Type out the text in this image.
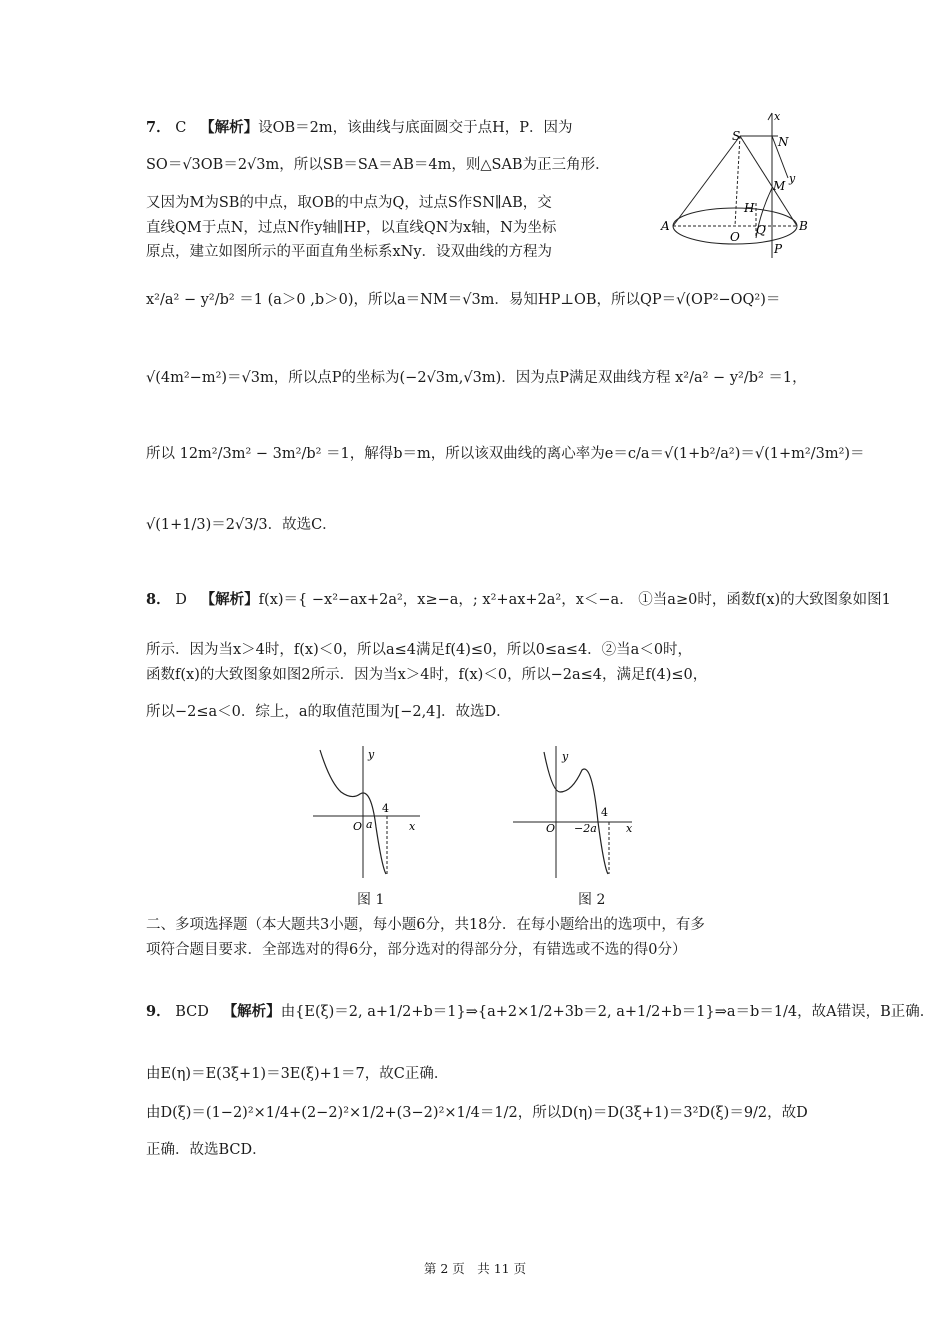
7． C 【解析】设OB＝2m，该曲线与底面圆交于点H，P．因为
SO＝√3OB＝2√3m，所以SB＝SA＝AB＝4m，则△SAB为正三角形．
又因为M为SB的中点，取OB的中点为Q，过点S作SN∥AB，交
直线QM于点N，过点N作y轴∥HP，以直线QN为x轴，N为坐标
原点，建立如图所示的平面直角坐标系xNy．设双曲线的方程为
x²/a² − y²/b² ＝1 (a＞0 ,b＞0)，所以a＝NM＝√3m．易知HP⊥OB，所以QP＝√(OP²−OQ²)＝
√(4m²−m²)＝√3m，所以点P的坐标为(−2√3m,√3m)．因为点P满足双曲线方程 x²/a² − y²/b² ＝1，
所以 12m²/3m² − 3m²/b² ＝1，解得b＝m，所以该双曲线的离心率为e＝c/a＝√(1+b²/a²)＝√(1+m²/3m²)＝
√(1+1/3)＝2√3/3．故选C．
x
S	N
y
M
H
A
O Q	B
P
8． D 【解析】f(x)＝{ −x²−ax+2a²，x≥−a，; x²+ax+2a²，x＜−a． ①当a≥0时，函数f(x)的大致图象如图1
所示．因为当x＞4时，f(x)＜0，所以a≤4满足f(4)≤0，所以0≤a≤4．②当a＜0时，
函数f(x)的大致图象如图2所示．因为当x＞4时，f(x)＜0，所以−2a≤4，满足f(4)≤0，
所以−2≤a＜0．综上，a的取值范围为[−2,4]．故选D．
y
x
O a
4
图 1
y
x
O −2a
4
图 2
二、多项选择题（本大题共3小题，每小题6分，共18分．在每小题给出的选项中，有多
项符合题目要求．全部选对的得6分，部分选对的得部分分，有错选或不选的得0分）
9． BCD 【解析】由{E(ξ)＝2, a+1/2+b＝1}⇒{a+2×1/2+3b＝2, a+1/2+b＝1}⇒a＝b＝1/4，故A错误，B正确．
由E(η)＝E(3ξ+1)＝3E(ξ)+1＝7，故C正确．
由D(ξ)＝(1−2)²×1/4+(2−2)²×1/2+(3−2)²×1/4＝1/2，所以D(η)＝D(3ξ+1)＝3²D(ξ)＝9/2，故D
正确．故选BCD．
第 2 页　共 11 页
